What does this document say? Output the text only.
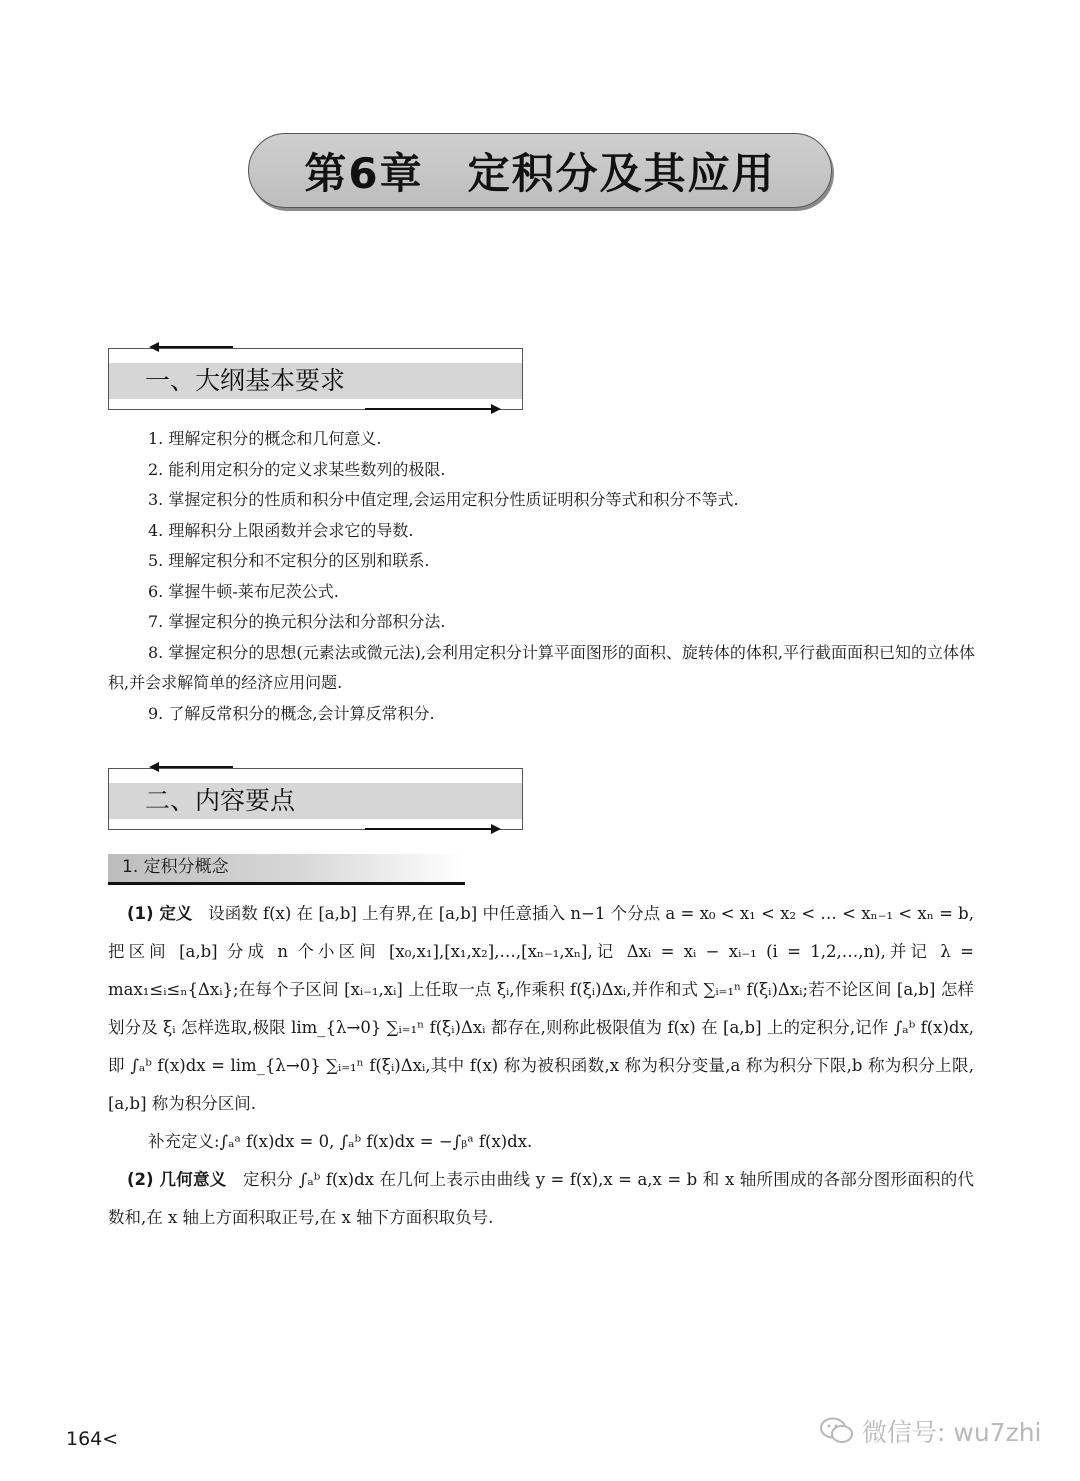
第6章 定积分及其应用
一、大纲基本要求

1. 理解定积分的概念和几何意义.

2. 能利用定积分的定义求某些数列的极限.

3. 掌握定积分的性质和积分中值定理,会运用定积分性质证明积分等式和积分不等式.

4. 理解积分上限函数并会求它的导数.

5. 理解定积分和不定积分的区别和联系.

6. 掌握牛顿-莱布尼茨公式.

7. 掌握定积分的换元积分法和分部积分法.

8. 掌握定积分的思想(元素法或微元法),会利用定积分计算平面图形的面积、旋转体的体积,平行截面面积已知的立体体积,并会求解简单的经济应用问题.

9. 了解反常积分的概念,会计算反常积分.

二、内容要点
1. 定积分概念

(1) 定义 设函数 f(x) 在 [a,b] 上有界,在 [a,b] 中任意插入 n−1 个分点 a = x₀ < x₁ < x₂ < … < xₙ₋₁ < xₙ = b,把区间 [a,b] 分成 n 个小区间 [x₀,x₁],[x₁,x₂],…,[xₙ₋₁,xₙ],记 Δxᵢ = xᵢ − xᵢ₋₁ (i = 1,2,…,n),并记 λ = max₁≤ᵢ≤ₙ{Δxᵢ};在每个子区间 [xᵢ₋₁,xᵢ] 上任取一点 ξᵢ,作乘积 f(ξᵢ)Δxᵢ,并作和式 ∑ᵢ₌₁ⁿ f(ξᵢ)Δxᵢ;若不论区间 [a,b] 怎样划分及 ξᵢ 怎样选取,极限 lim_{λ→0} ∑ᵢ₌₁ⁿ f(ξᵢ)Δxᵢ 都存在,则称此极限值为 f(x) 在 [a,b] 上的定积分,记作 ∫ₐᵇ f(x)dx,即 ∫ₐᵇ f(x)dx = lim_{λ→0} ∑ᵢ₌₁ⁿ f(ξᵢ)Δxᵢ,其中 f(x) 称为被积函数,x 称为积分变量,a 称为积分下限,b 称为积分上限,[a,b] 称为积分区间.

补充定义:∫ₐᵃ f(x)dx = 0, ∫ₐᵇ f(x)dx = −∫ᵦᵃ f(x)dx.

(2) 几何意义 定积分 ∫ₐᵇ f(x)dx 在几何上表示由曲线 y = f(x),x = a,x = b 和 x 轴所围成的各部分图形面积的代数和,在 x 轴上方面积取正号,在 x 轴下方面积取负号.

164<	微信号: wu7zhi
